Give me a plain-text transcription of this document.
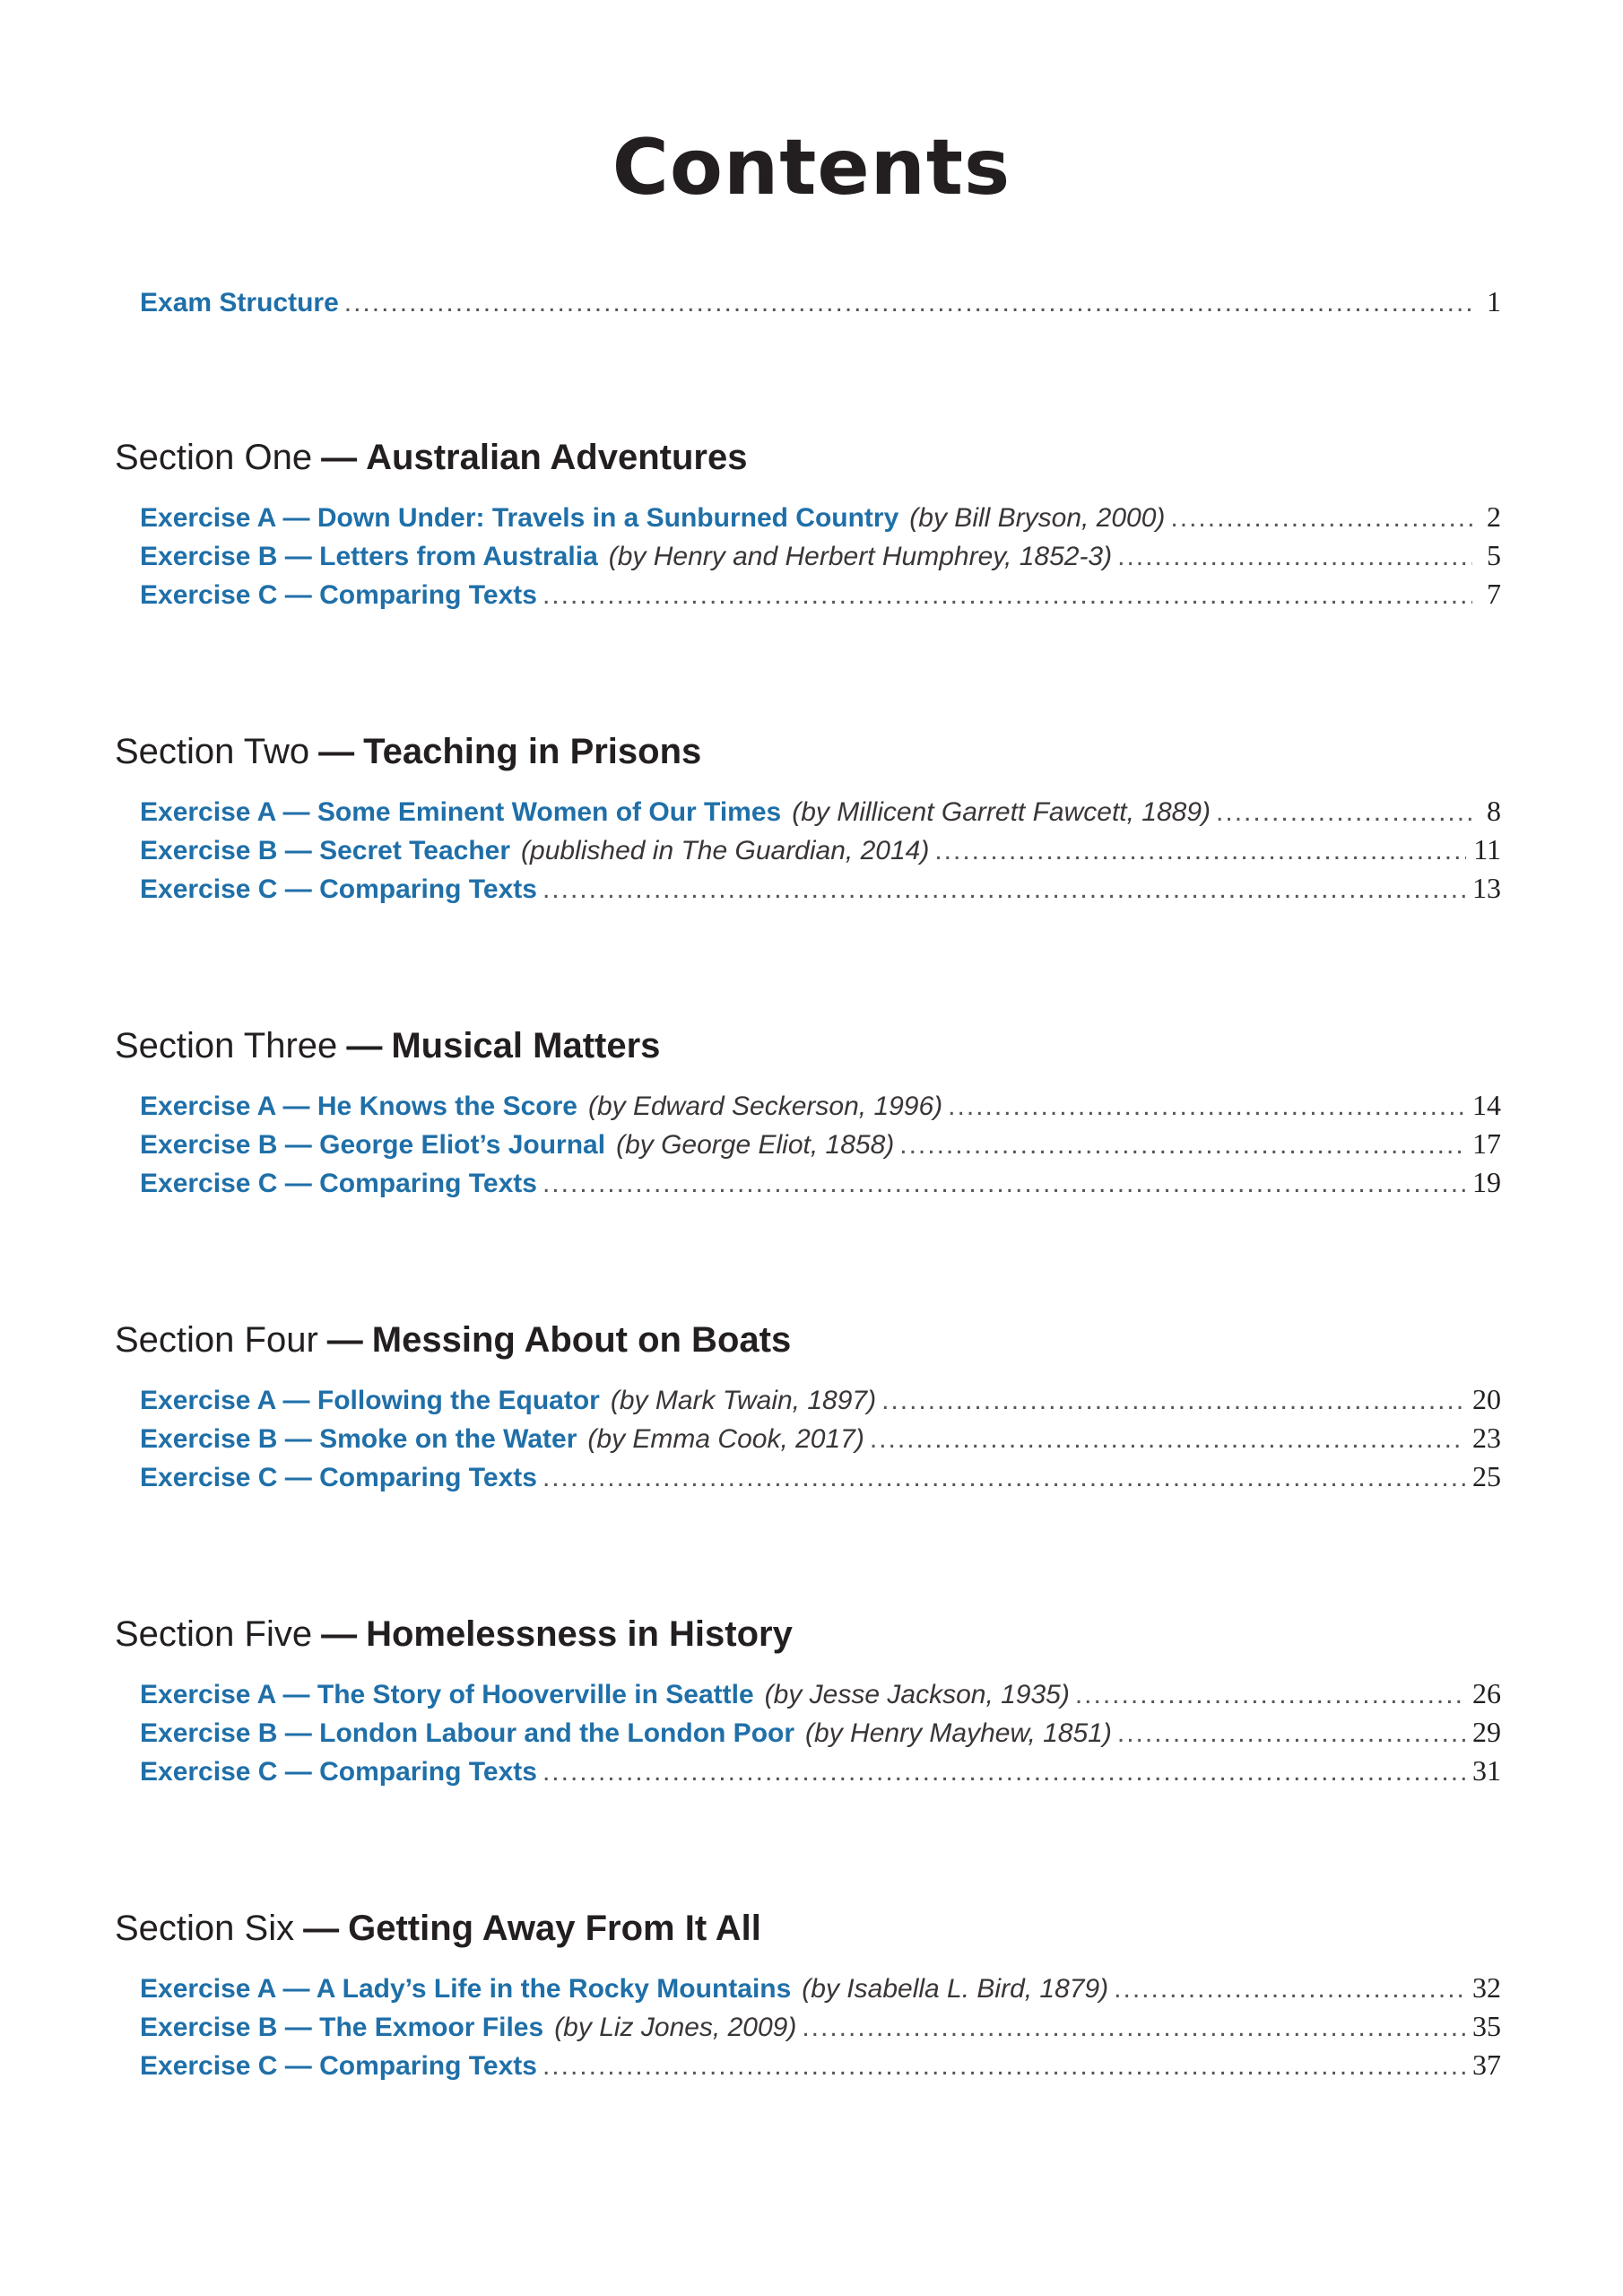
Contents
Exam Structure .....	1
Section One — Australian Adventures
Exercise A — Down Under: Travels in a Sunburned Country (by Bill Bryson, 2000) .....	2
Exercise B — Letters from Australia (by Henry and Herbert Humphrey, 1852-3) .....	5
Exercise C — Comparing Texts .....	7
Section Two — Teaching in Prisons
Exercise A — Some Eminent Women of Our Times (by Millicent Garrett Fawcett, 1889) .....	8
Exercise B — Secret Teacher (published in The Guardian, 2014) .....	11
Exercise C — Comparing Texts .....	13
Section Three — Musical Matters
Exercise A — He Knows the Score (by Edward Seckerson, 1996) .....	14
Exercise B — George Eliot’s Journal (by George Eliot, 1858) .....	17
Exercise C — Comparing Texts .....	19
Section Four — Messing About on Boats
Exercise A — Following the Equator (by Mark Twain, 1897) .....	20
Exercise B — Smoke on the Water (by Emma Cook, 2017) .....	23
Exercise C — Comparing Texts .....	25
Section Five — Homelessness in History
Exercise A — The Story of Hooverville in Seattle (by Jesse Jackson, 1935) .....	26
Exercise B — London Labour and the London Poor (by Henry Mayhew, 1851) .....	29
Exercise C — Comparing Texts .....	31
Section Six — Getting Away From It All
Exercise A — A Lady’s Life in the Rocky Mountains (by Isabella L. Bird, 1879) .....	32
Exercise B — The Exmoor Files (by Liz Jones, 2009) .....	35
Exercise C — Comparing Texts .....	37
